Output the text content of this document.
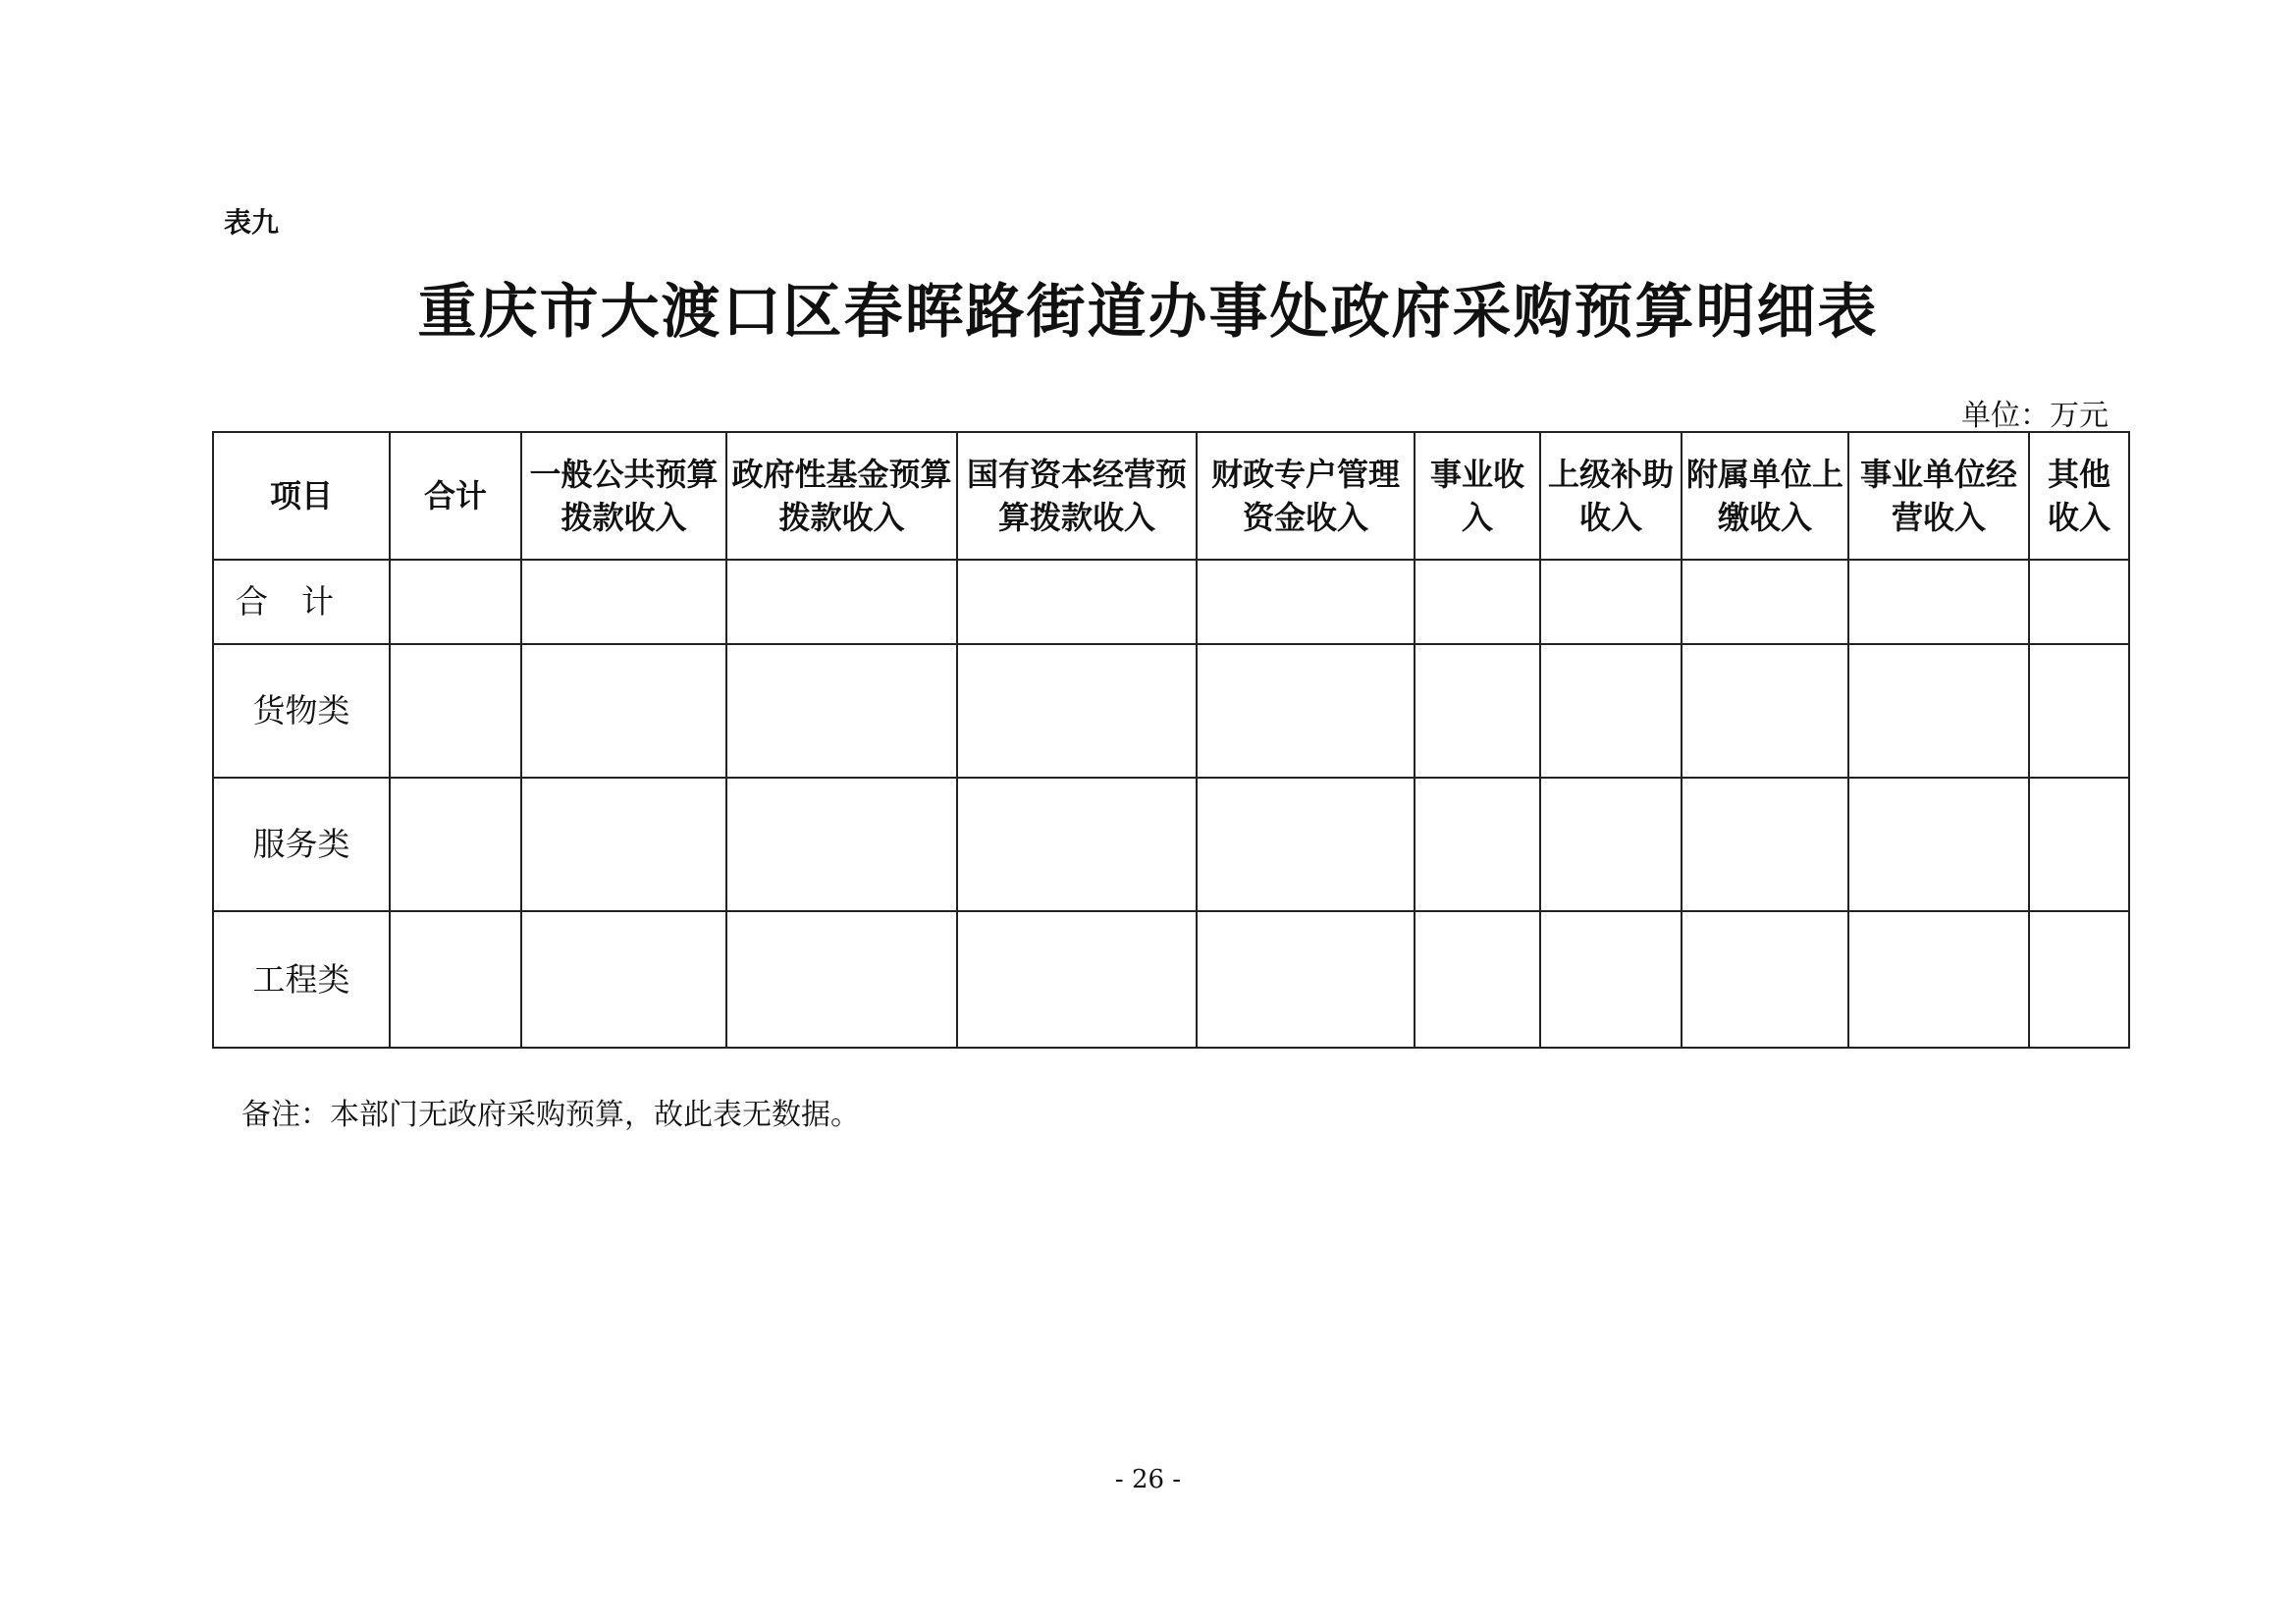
表九
重庆市大渡口区春晖路街道办事处政府采购预算明细表
单位：万元
项目	合计	一般公共预算拨款收入	政府性基金预算拨款收入	国有资本经营预算拨款收入	财政专户管理资金收入	事业收入	上级补助收入	附属单位上缴收入	事业单位经营收入	其他收入
合计										
货物类										
服务类										
工程类										
备注：本部门无政府采购预算，故此表无数据。
- 26 -
